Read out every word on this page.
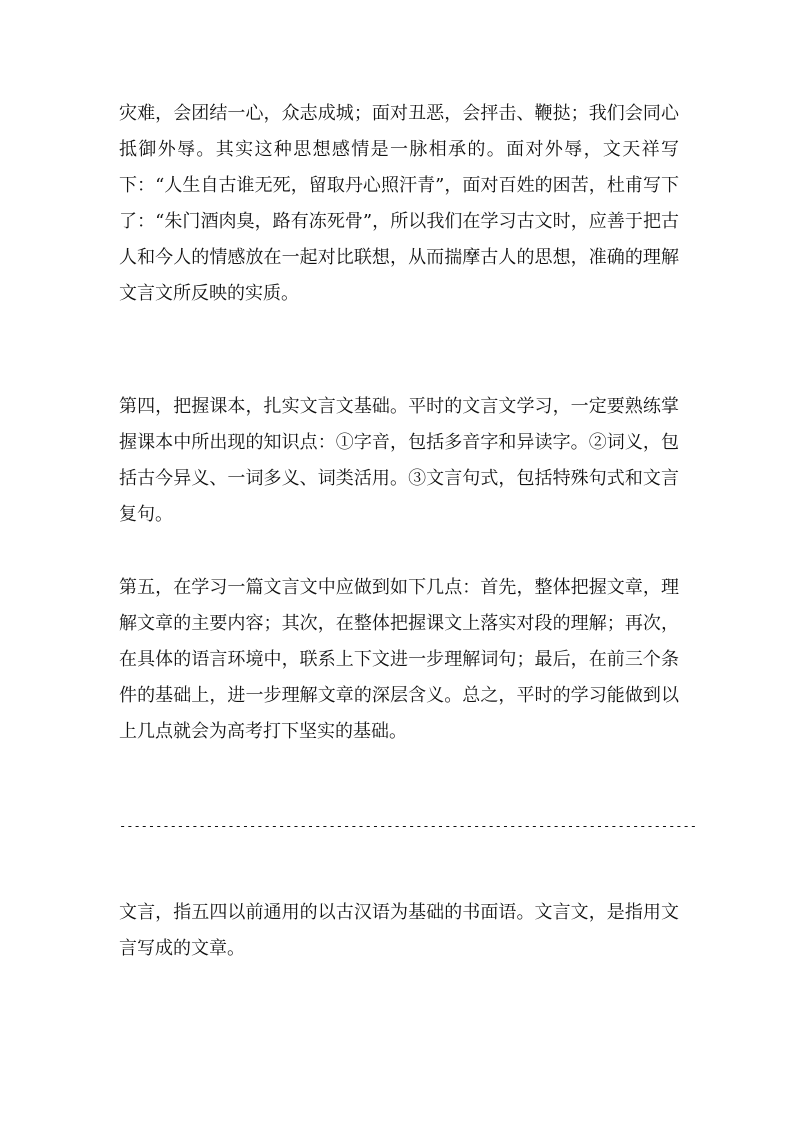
灾难，会团结一心，众志成城；面对丑恶，会抨击、鞭挞；我们会同心抵御外辱。其实这种思想感情是一脉相承的。面对外辱，文天祥写下：“人生自古谁无死，留取丹心照汗青”，面对百姓的困苦，杜甫写下了：“朱门酒肉臭，路有冻死骨”，所以我们在学习古文时，应善于把古人和今人的情感放在一起对比联想，从而揣摩古人的思想，准确的理解文言文所反映的实质。

第四，把握课本，扎实文言文基础。平时的文言文学习，一定要熟练掌握课本中所出现的知识点：①字音，包括多音字和异读字。②词义，包括古今异义、一词多义、词类活用。③文言句式，包括特殊句式和文言复句。

第五，在学习一篇文言文中应做到如下几点：首先，整体把握文章，理解文章的主要内容；其次，在整体把握课文上落实对段的理解；再次，在具体的语言环境中，联系上下文进一步理解词句；最后，在前三个条件的基础上，进一步理解文章的深层含义。总之，平时的学习能做到以上几点就会为高考打下坚实的基础。

--------------------------------------------------------------------------------

文言，指五四以前通用的以古汉语为基础的书面语。文言文，是指用文言写成的文章。
